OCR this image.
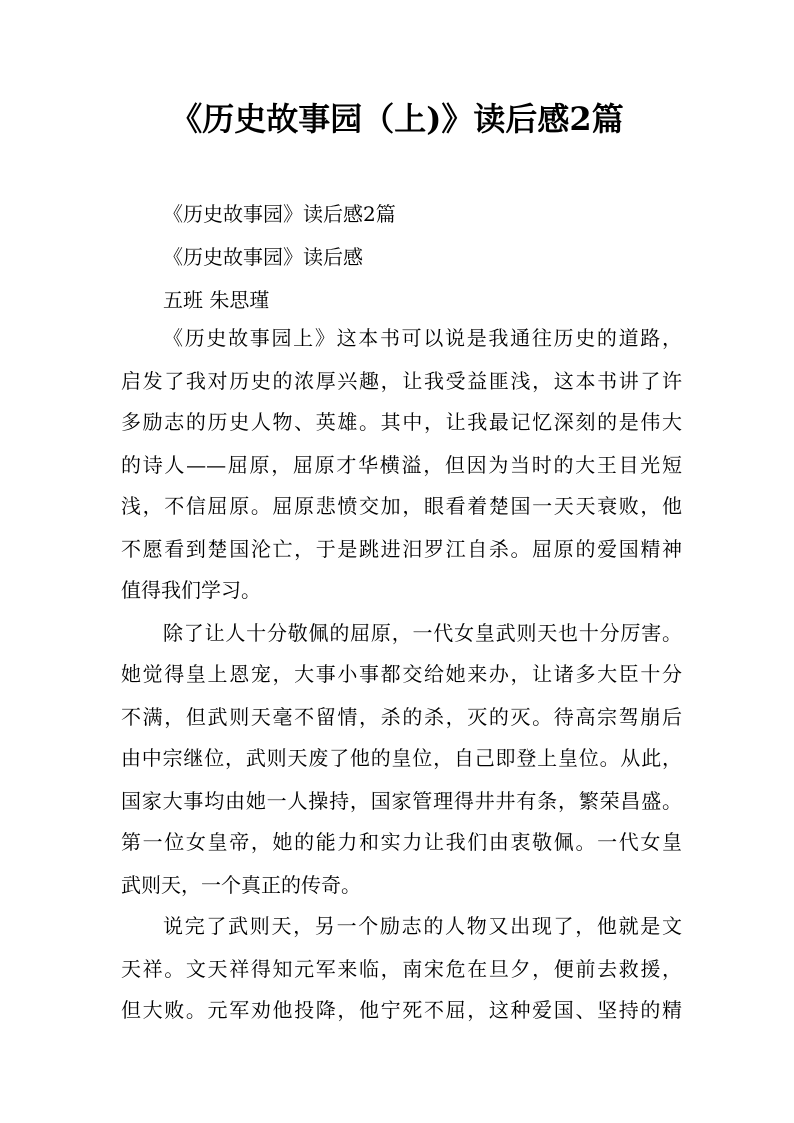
《历史故事园（上)》读后感2篇
《历史故事园》读后感2篇
《历史故事园》读后感
五班 朱思瑾
《历史故事园上》这本书可以说是我通往历史的道路，
启发了我对历史的浓厚兴趣，让我受益匪浅，这本书讲了许
多励志的历史人物、英雄。其中，让我最记忆深刻的是伟大
的诗人——屈原，屈原才华横溢，但因为当时的大王目光短
浅，不信屈原。屈原悲愤交加，眼看着楚国一天天衰败，他
不愿看到楚国沦亡，于是跳进汨罗江自杀。屈原的爱国精神
值得我们学习。
除了让人十分敬佩的屈原，一代女皇武则天也十分厉害。
她觉得皇上恩宠，大事小事都交给她来办，让诸多大臣十分
不满，但武则天毫不留情，杀的杀，灭的灭。待高宗驾崩后
由中宗继位，武则天废了他的皇位，自己即登上皇位。从此，
国家大事均由她一人操持，国家管理得井井有条，繁荣昌盛。
第一位女皇帝，她的能力和实力让我们由衷敬佩。一代女皇
武则天，一个真正的传奇。
说完了武则天，另一个励志的人物又出现了，他就是文
天祥。文天祥得知元军来临，南宋危在旦夕，便前去救援，
但大败。元军劝他投降，他宁死不屈，这种爱国、坚持的精
